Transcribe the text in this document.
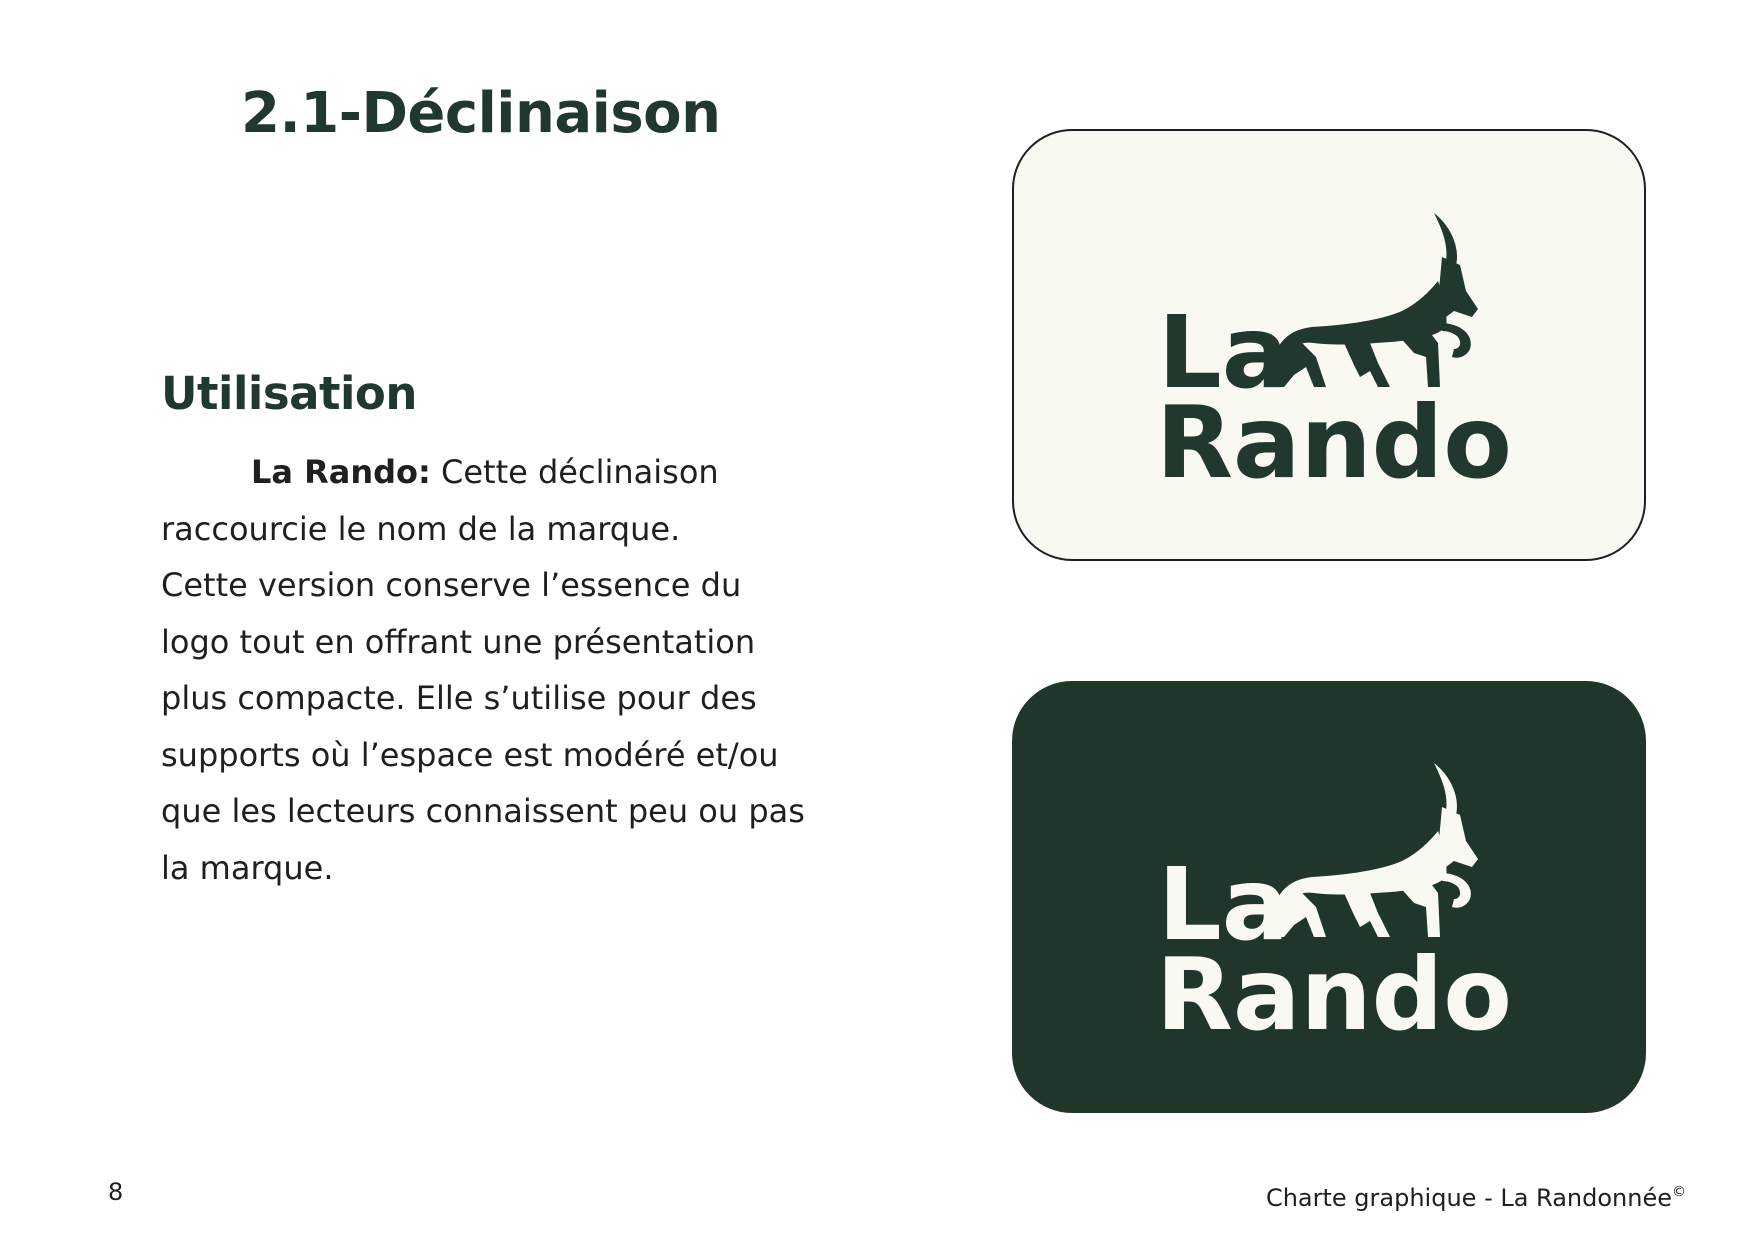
2.1-Déclinaison
Utilisation

La Rando: Cette déclinaison
raccourcie le nom de la marque.
Cette version conserve l’essence du
logo tout en offrant une présentation
plus compacte. Elle s’utilise pour des
supports où l’espace est modéré et/ou
que les lecteurs connaissent peu ou pas
la marque.

La
Rando
La
Rando
8	Charte graphique - La Randonnée©
